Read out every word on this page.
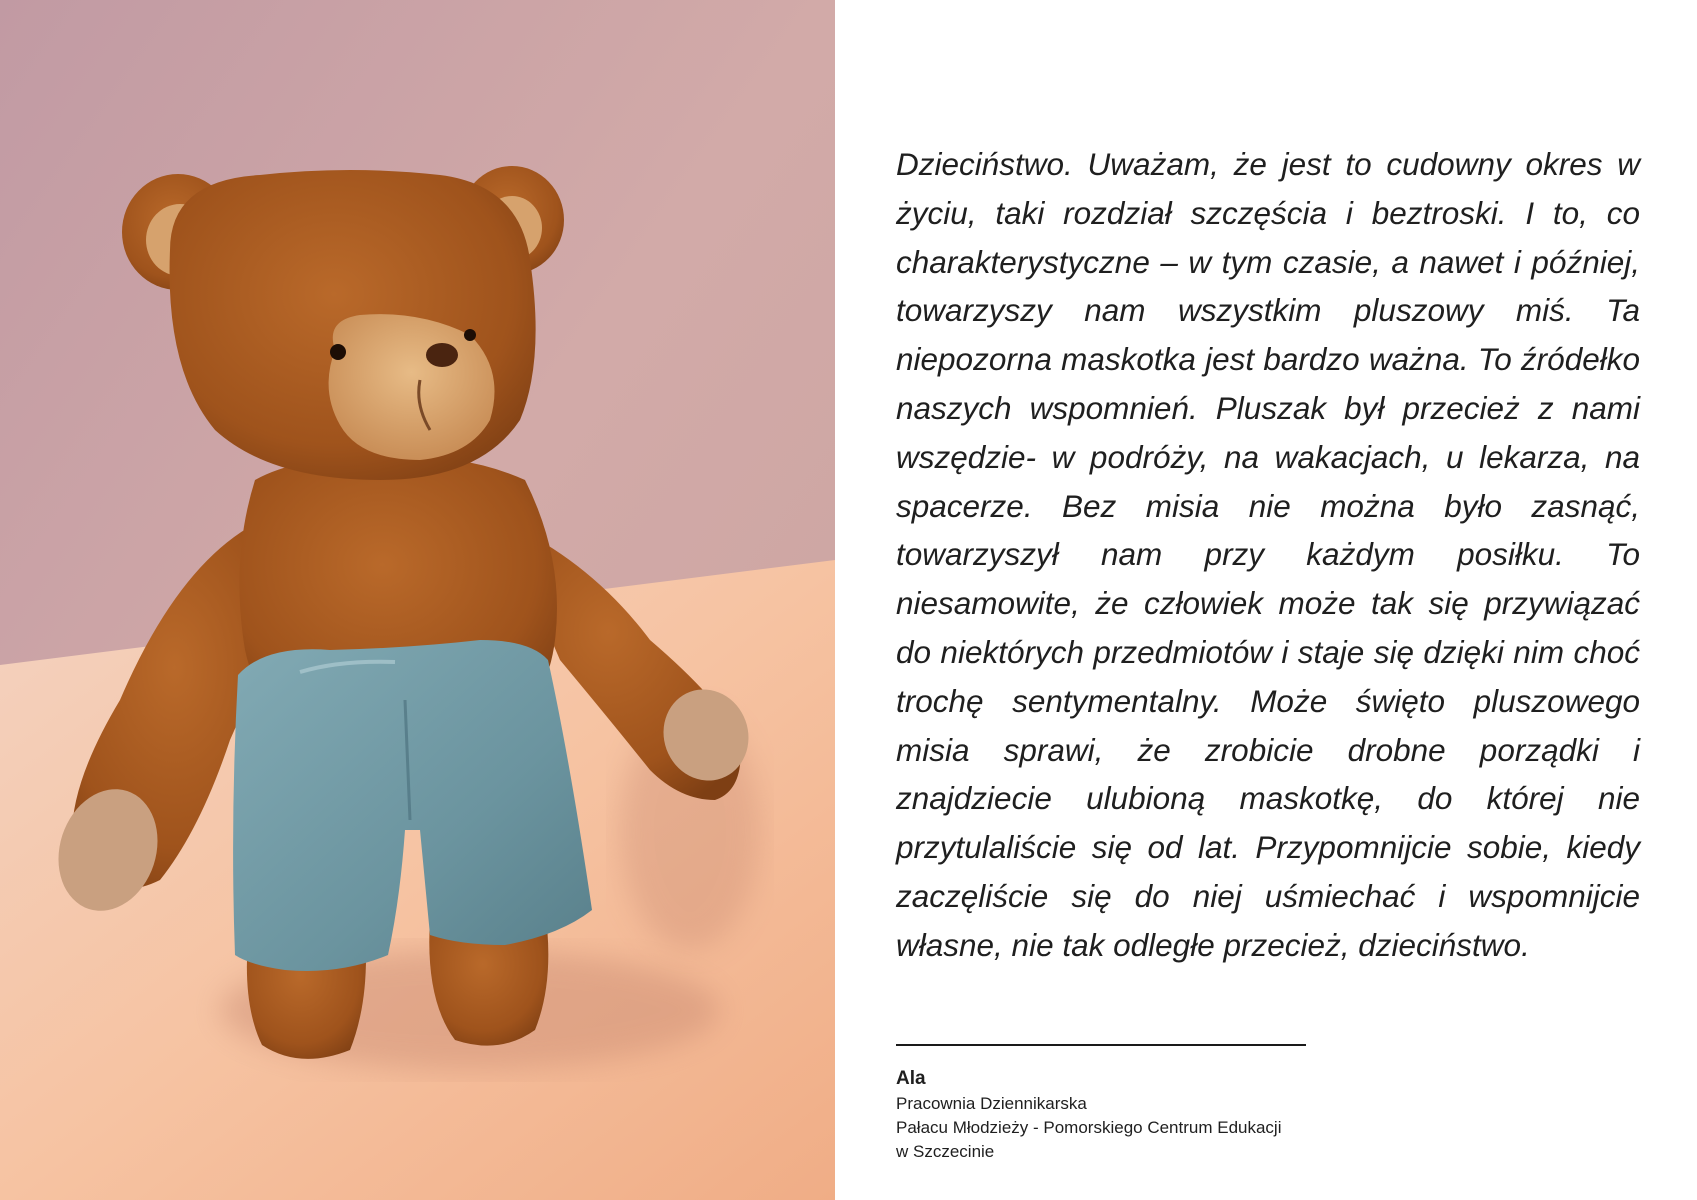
Dzieciństwo. Uważam, że jest to cudowny okres w życiu, taki rozdział szczęścia i beztroski. I to, co charakterystyczne – w tym czasie, a nawet i później, towarzyszy nam wszystkim pluszowy miś. Ta niepozorna maskotka jest bardzo ważna. To źródełko naszych wspomnień. Pluszak był przecież z nami wszędzie- w podróży, na wakacjach, u lekarza, na spacerze. Bez misia nie można było zasnąć, towarzyszył nam przy każdym posiłku. To niesamowite, że człowiek może tak się przywiązać do niektórych przedmiotów i staje się dzięki nim choć trochę sentymentalny. Może święto pluszowego misia sprawi, że zrobicie drobne porządki i znajdziecie ulubioną maskotkę, do której nie przytulaliście się od lat. Przypomnijcie sobie, kiedy zaczęliście się do niej uśmiechać i wspomnijcie własne, nie tak odległe przecież, dzieciństwo.

Ala
Pracownia Dziennikarska
Pałacu Młodzieży - Pomorskiego Centrum Edukacji
w Szczecinie
